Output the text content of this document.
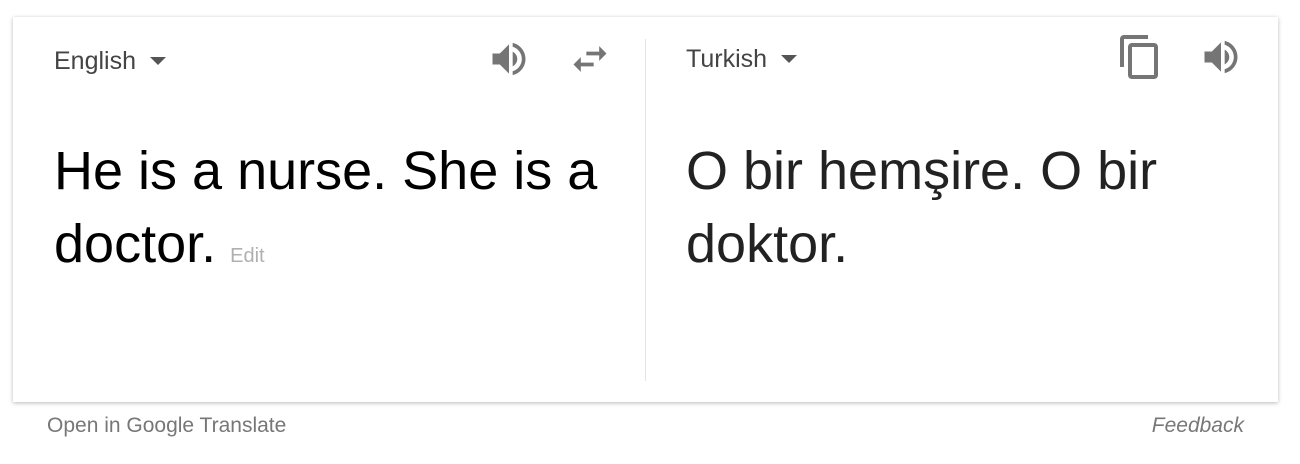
English
He is a nurse. She is a doctor. Edit
Turkish
O bir hemşire. O bir doktor.
Open in Google Translate	Feedback
